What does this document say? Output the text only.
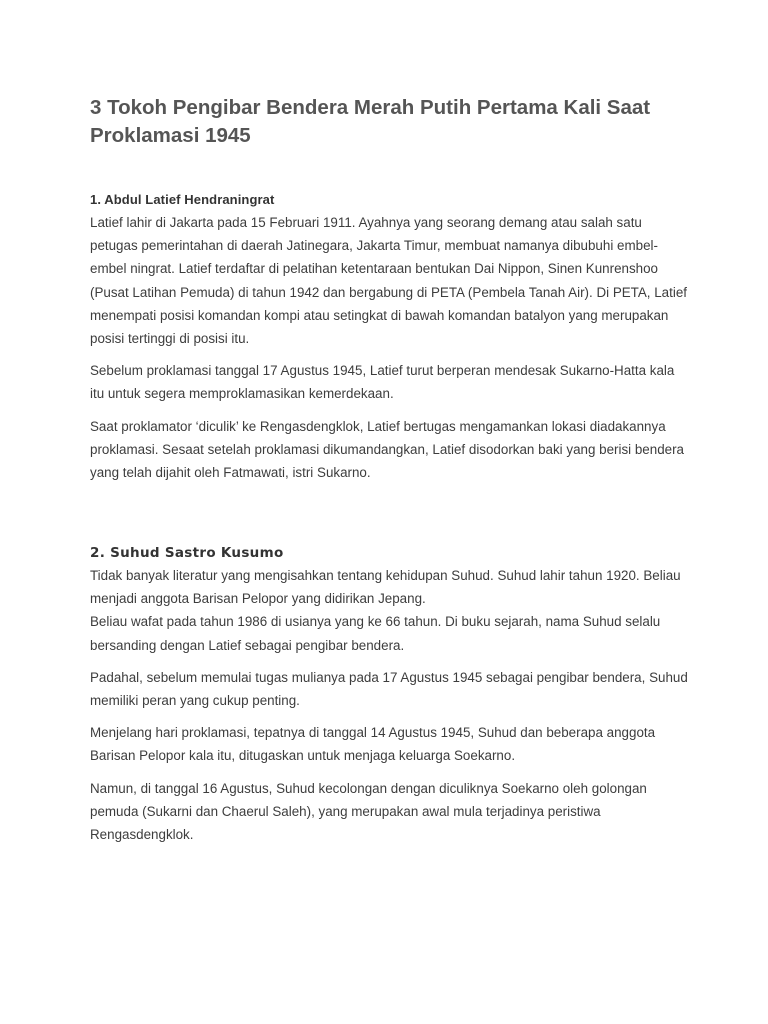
3 Tokoh Pengibar Bendera Merah Putih Pertama Kali Saat Proklamasi 1945
1. Abdul Latief Hendraningrat

Latief lahir di Jakarta pada 15 Februari 1911. Ayahnya yang seorang demang atau salah satu petugas pemerintahan di daerah Jatinegara, Jakarta Timur, membuat namanya dibubuhi embel-embel ningrat. Latief terdaftar di pelatihan ketentaraan bentukan Dai Nippon, Sinen Kunrenshoo (Pusat Latihan Pemuda) di tahun 1942 dan bergabung di PETA (Pembela Tanah Air). Di PETA, Latief menempati posisi komandan kompi atau setingkat di bawah komandan batalyon yang merupakan posisi tertinggi di posisi itu.

Sebelum proklamasi tanggal 17 Agustus 1945, Latief turut berperan mendesak Sukarno-Hatta kala itu untuk segera memproklamasikan kemerdekaan.

Saat proklamator ‘diculik’ ke Rengasdengklok, Latief bertugas mengamankan lokasi diadakannya proklamasi. Sesaat setelah proklamasi dikumandangkan, Latief disodorkan baki yang berisi bendera yang telah dijahit oleh Fatmawati, istri Sukarno.

2. Suhud Sastro Kusumo

Tidak banyak literatur yang mengisahkan tentang kehidupan Suhud. Suhud lahir tahun 1920. Beliau menjadi anggota Barisan Pelopor yang didirikan Jepang.
Beliau wafat pada tahun 1986 di usianya yang ke 66 tahun. Di buku sejarah, nama Suhud selalu bersanding dengan Latief sebagai pengibar bendera.

Padahal, sebelum memulai tugas mulianya pada 17 Agustus 1945 sebagai pengibar bendera, Suhud memiliki peran yang cukup penting.

Menjelang hari proklamasi, tepatnya di tanggal 14 Agustus 1945, Suhud dan beberapa anggota Barisan Pelopor kala itu, ditugaskan untuk menjaga keluarga Soekarno.

Namun, di tanggal 16 Agustus, Suhud kecolongan dengan diculiknya Soekarno oleh golongan pemuda (Sukarni dan Chaerul Saleh), yang merupakan awal mula terjadinya peristiwa Rengasdengklok.
